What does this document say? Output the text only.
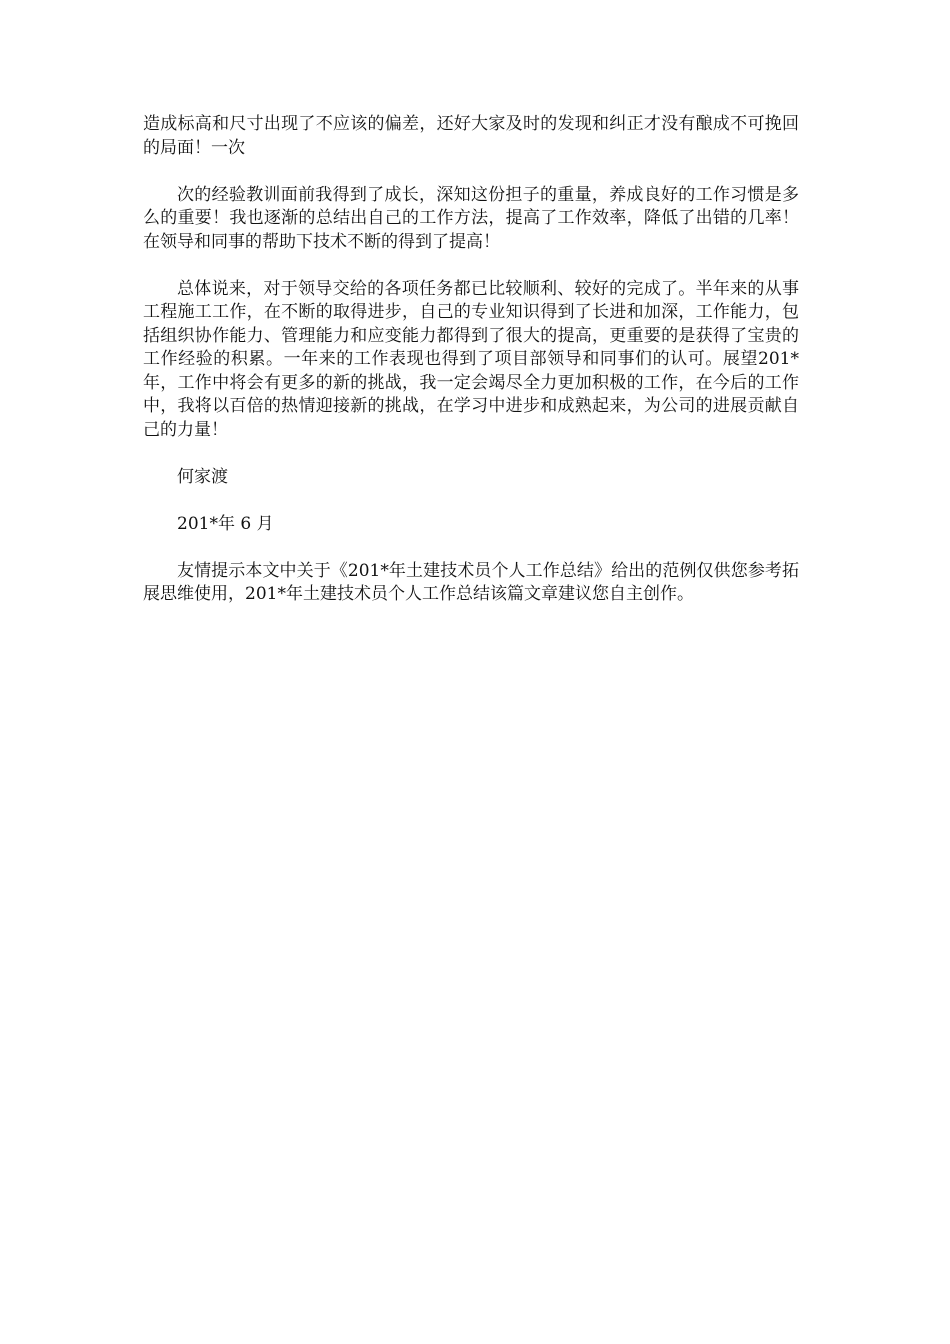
造成标高和尺寸出现了不应该的偏差，还好大家及时的发现和纠正才没有酿成不可挽回的局面！一次

次的经验教训面前我得到了成长，深知这份担子的重量，养成良好的工作习惯是多么的重要！我也逐渐的总结出自己的工作方法，提高了工作效率，降低了出错的几率！在领导和同事的帮助下技术不断的得到了提高！

总体说来，对于领导交给的各项任务都已比较顺利、较好的完成了。半年来的从事工程施工工作，在不断的取得进步，自己的专业知识得到了长进和加深，工作能力，包括组织协作能力、管理能力和应变能力都得到了很大的提高，更重要的是获得了宝贵的工作经验的积累。一年来的工作表现也得到了项目部领导和同事们的认可。展望201*年，工作中将会有更多的新的挑战，我一定会竭尽全力更加积极的工作，在今后的工作中，我将以百倍的热情迎接新的挑战，在学习中进步和成熟起来，为公司的进展贡献自己的力量！

何家渡

201*年 6 月

友情提示本文中关于《201*年土建技术员个人工作总结》给出的范例仅供您参考拓展思维使用，201*年土建技术员个人工作总结该篇文章建议您自主创作。
